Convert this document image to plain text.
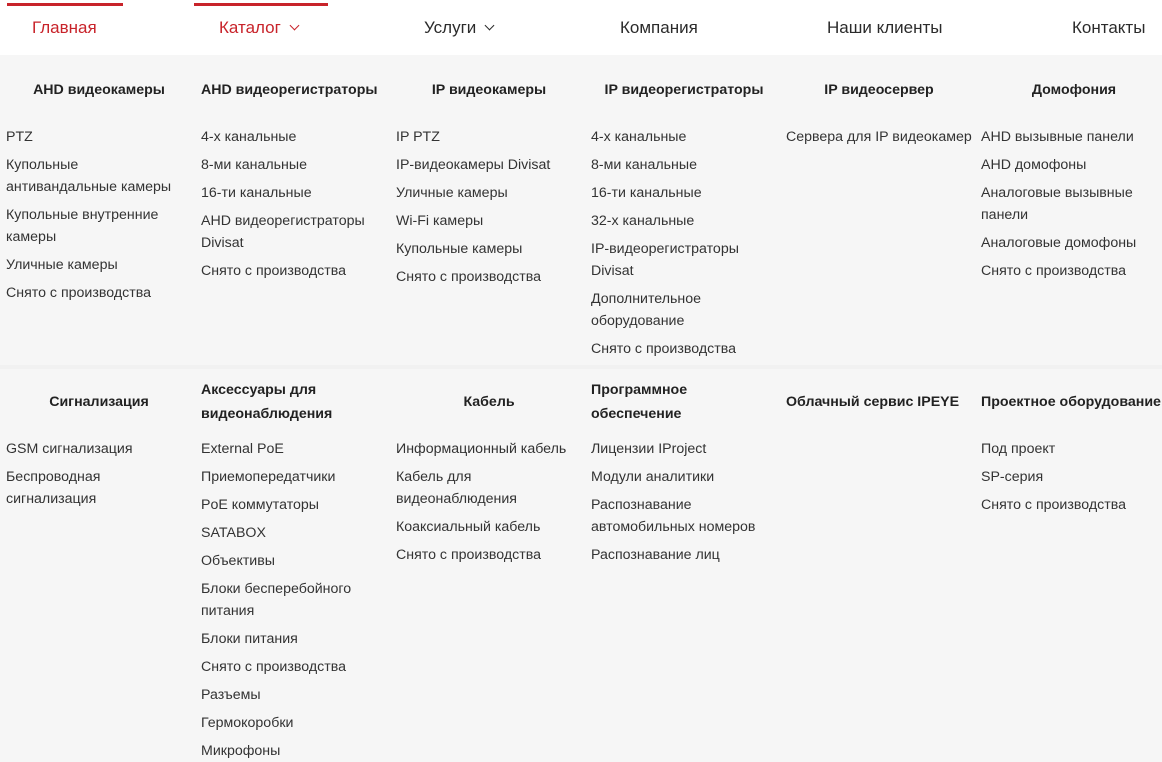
Главная	Каталог	Услуги	Компания	Наши клиенты	Контакты
AHD видеокамеры
PTZ
Купольные антивандальные камеры
Купольные внутренние камеры
Уличные камеры
Снято с производства
AHD видеорегистраторы
4-х канальные
8-ми канальные
16-ти канальные
AHD видеорегистраторы Divisat
Снято с производства
IP видеокамеры
IP PTZ
IP-видеокамеры Divisat
Уличные камеры
Wi-Fi камеры
Купольные камеры
Снято с производства
IP видеорегистраторы
4-х канальные
8-ми канальные
16-ти канальные
32-х канальные
IP-видеорегистраторы Divisat
Дополнительное оборудование
Снято с производства
IP видеосервер
Сервера для IP видеокамер
Домофония
AHD вызывные панели
AHD домофоны
Аналоговые вызывные панели
Аналоговые домофоны
Снято с производства
Сигнализация
GSM сигнализация
Беспроводная сигнализация
Аксессуары для видеонаблюдения
External PoE
Приемопередатчики
PoE коммутаторы
SATABOX
Объективы
Блоки бесперебойного питания
Блоки питания
Снято с производства
Разъемы
Гермокоробки
Микрофоны
Кабель
Информационный кабель
Кабель для видеонаблюдения
Коаксиальный кабель
Снято с производства
Программное обеспечение
Лицензии IProject
Модули аналитики
Распознавание автомобильных номеров
Распознавание лиц
Облачный сервис IPEYE Проектное оборудование
Под проект
SP-серия
Снято с производства
